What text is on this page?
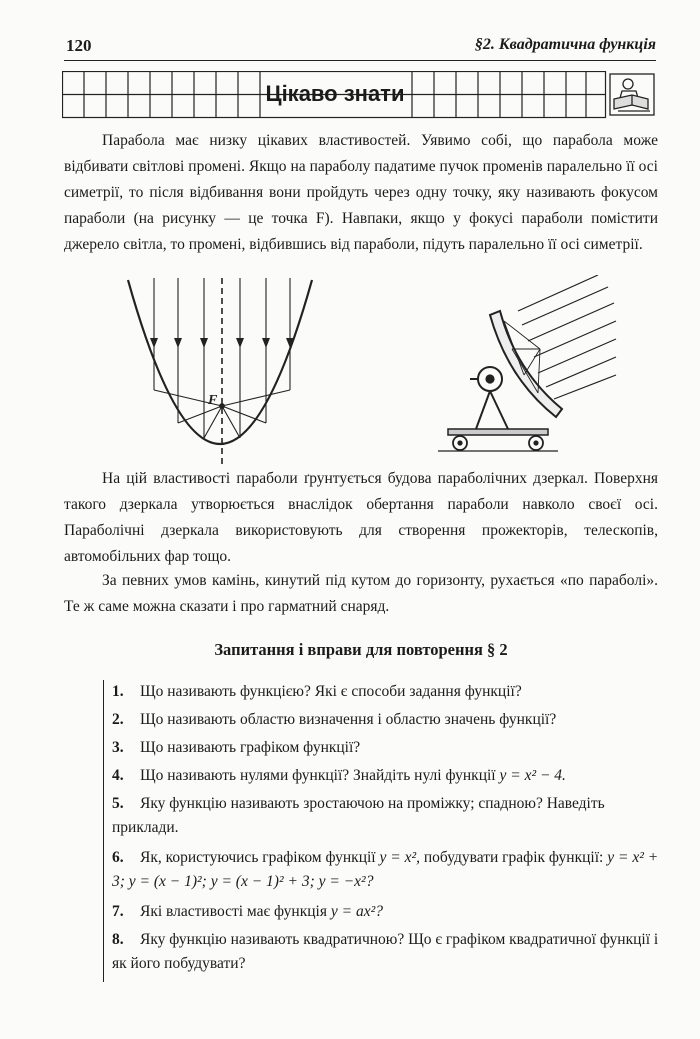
120	§2. Квадратична функція
Цікаво знати

Парабола має низку цікавих властивостей. Уявимо собі, що парабола може відбивати світлові промені. Якщо на параболу падатиме пучок променів паралельно її осі симетрії, то після відбивання вони пройдуть через одну точку, яку називають фокусом параболи (на рисунку — це точка F). Навпаки, якщо у фокусі параболи помістити джерело світла, то промені, відбившись від параболи, підуть паралельно її осі симетрії.

F

На цій властивості параболи ґрунтується будова параболічних дзеркал. Поверхня такого дзеркала утворюється внаслідок обертання параболи навколо своєї осі. Параболічні дзеркала використовують для створення прожекторів, телескопів, автомобільних фар тощо.

За певних умов камінь, кинутий під кутом до горизонту, рухається «по параболі». Те ж саме можна сказати і про гарматний снаряд.

Запитання і вправи для повторення § 2
1. Що називають функцією? Які є способи задання функції?
2. Що називають областю визначення і областю значень функції?
3. Що називають графіком функції?
4. Що називають нулями функції? Знайдіть нулі функції y = x² − 4.
5. Яку функцію називають зростаючою на проміжку; спадною? Наведіть приклади.
6. Як, користуючись графіком функції y = x², побудувати графік функції: y = x² + 3; y = (x − 1)²; y = (x − 1)² + 3; y = −x²?
7. Які властивості має функція y = ax²?
8. Яку функцію називають квадратичною? Що є графіком квадратичної функції і як його побудувати?
